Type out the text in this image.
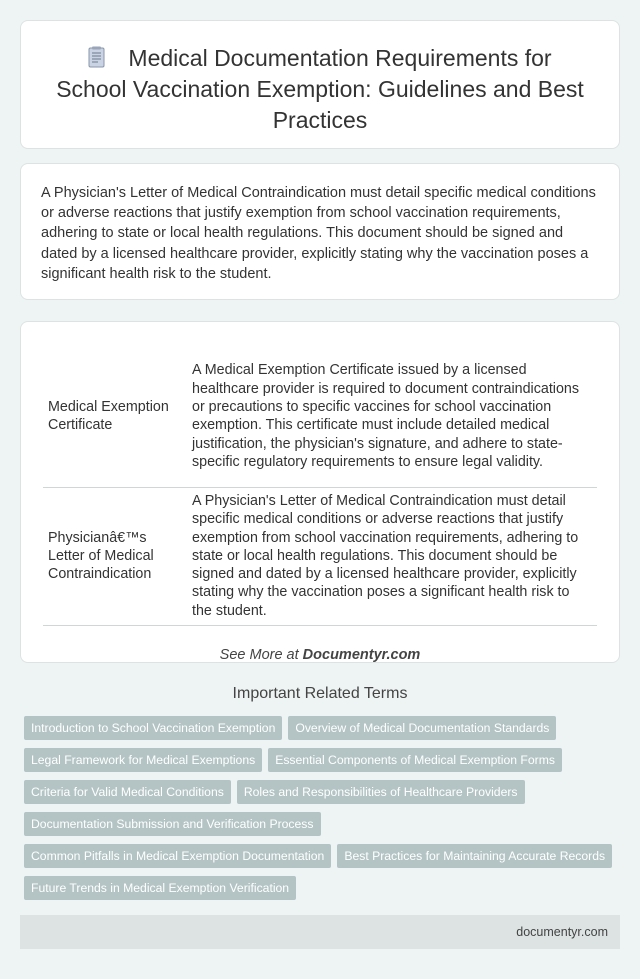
Medical Documentation Requirements for School Vaccination Exemption: Guidelines and Best Practices

A Physician's Letter of Medical Contraindication must detail specific medical conditions or adverse reactions that justify exemption from school vaccination requirements, adhering to state or local health regulations. This document should be signed and dated by a licensed healthcare provider, explicitly stating why the vaccination poses a significant health risk to the student.

Medical Exemption Certificate	A Medical Exemption Certificate issued by a licensed healthcare provider is required to document contraindications or precautions to specific vaccines for school vaccination exemption. This certificate must include detailed medical justification, the physician's signature, and adhere to state-specific regulatory requirements to ensure legal validity.
Physicianâ€™s Letter of Medical Contraindication	A Physician's Letter of Medical Contraindication must detail specific medical conditions or adverse reactions that justify exemption from school vaccination requirements, adhering to state or local health regulations. This document should be signed and dated by a licensed healthcare provider, explicitly stating why the vaccination poses a significant health risk to the student.
See More at Documentyr.com
Important Related Terms
Introduction to School Vaccination Exemption	Overview of Medical Documentation Standards
Legal Framework for Medical Exemptions	Essential Components of Medical Exemption Forms
Criteria for Valid Medical Conditions	Roles and Responsibilities of Healthcare Providers
Documentation Submission and Verification Process
Common Pitfalls in Medical Exemption Documentation	Best Practices for Maintaining Accurate Records
Future Trends in Medical Exemption Verification
documentyr.com
